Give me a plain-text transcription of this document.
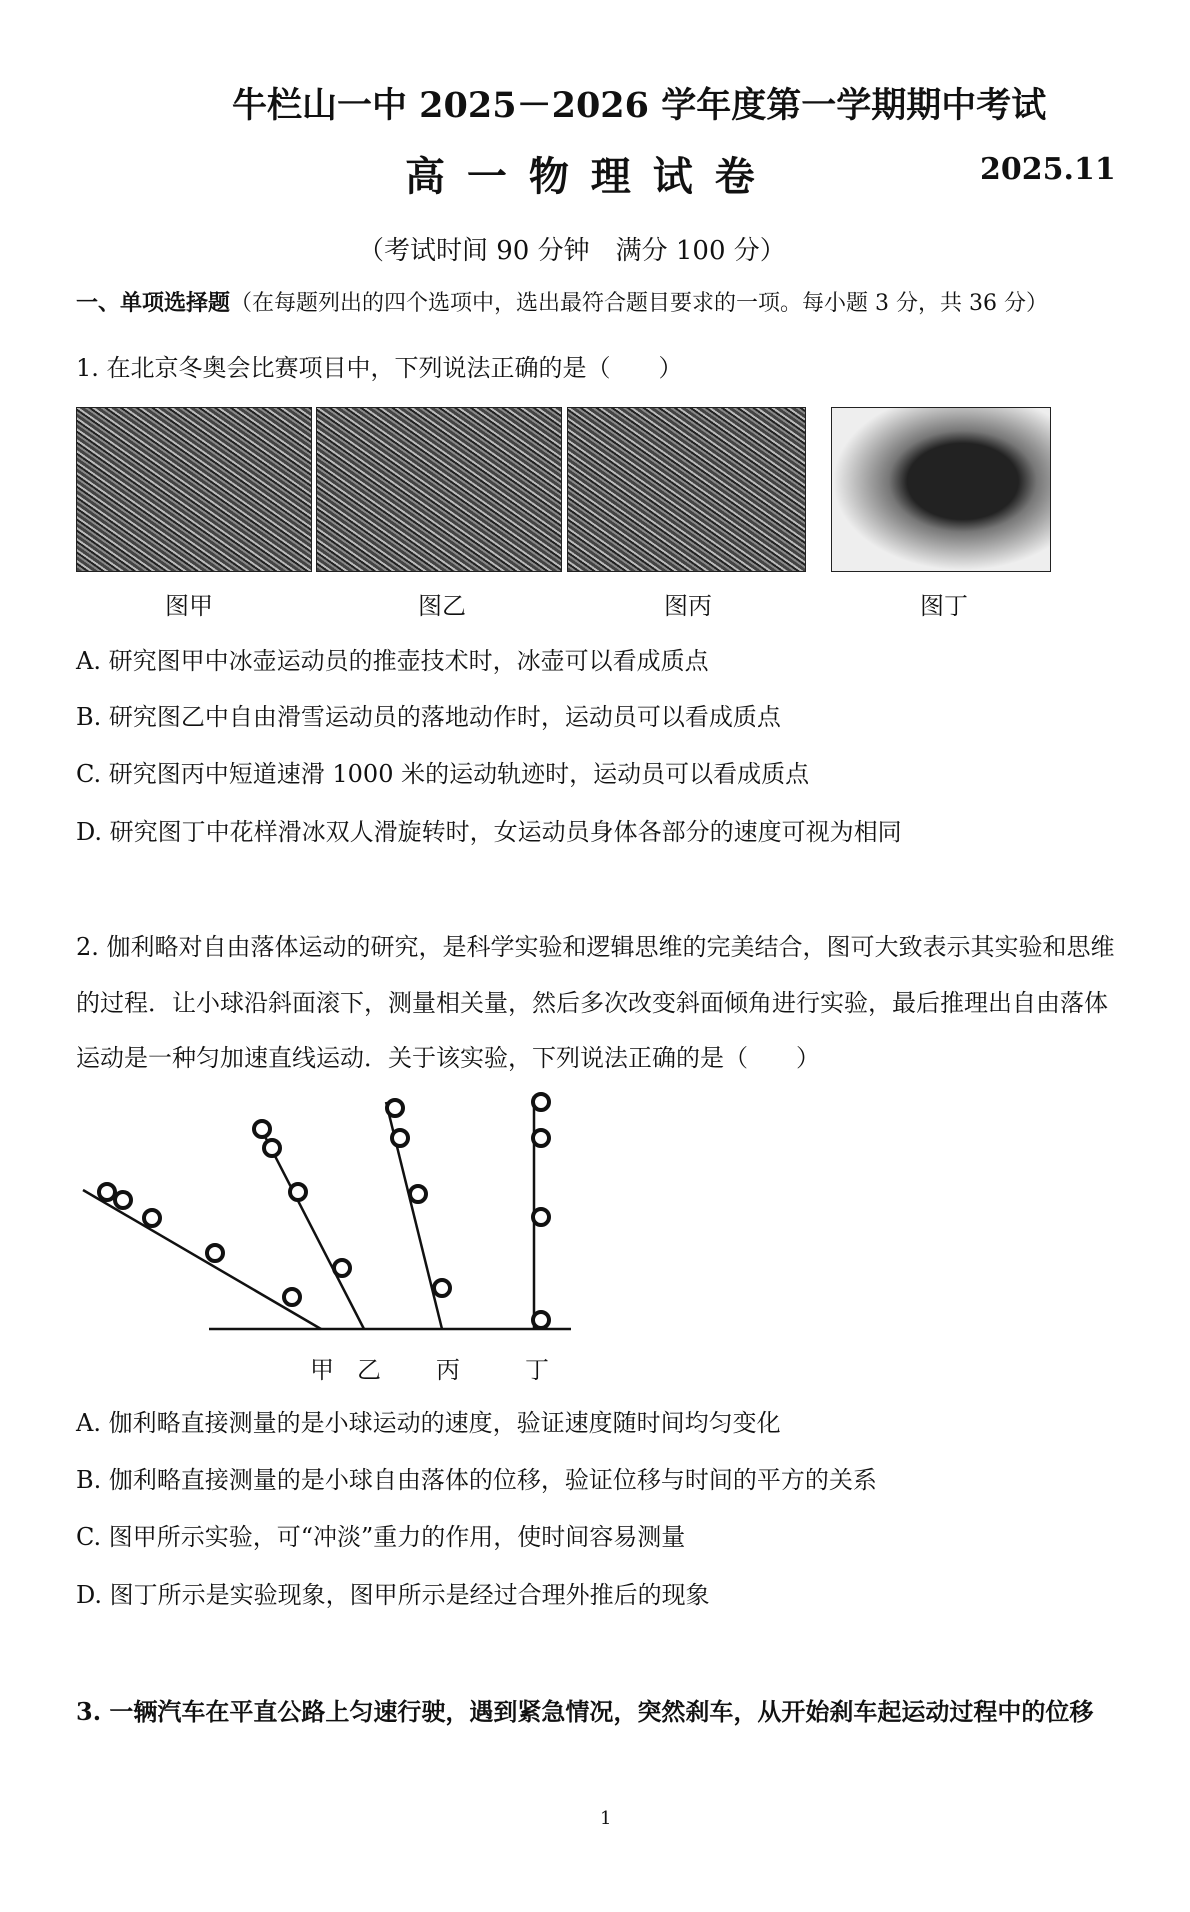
牛栏山一中 2025－2026 学年度第一学期期中考试
高 一 物 理 试 卷	2025.11
（考试时间 90 分钟　满分 100 分）
一、单项选择题（在每题列出的四个选项中，选出最符合题目要求的一项。每小题 3 分，共 36 分）
1. 在北京冬奥会比赛项目中，下列说法正确的是（　　）
图甲	图乙	图丙	图丁
A. 研究图甲中冰壶运动员的推壶技术时，冰壶可以看成质点
B. 研究图乙中自由滑雪运动员的落地动作时，运动员可以看成质点
C. 研究图丙中短道速滑 1000 米的运动轨迹时，运动员可以看成质点
D. 研究图丁中花样滑冰双人滑旋转时，女运动员身体各部分的速度可视为相同
2. 伽利略对自由落体运动的研究，是科学实验和逻辑思维的完美结合，图可大致表示其实验和思维
的过程．让小球沿斜面滚下，测量相关量，然后多次改变斜面倾角进行实验，最后推理出自由落体
运动是一种匀加速直线运动．关于该实验，下列说法正确的是（　　）
甲 乙 丙	丁
A. 伽利略直接测量的是小球运动的速度，验证速度随时间均匀变化
B. 伽利略直接测量的是小球自由落体的位移，验证位移与时间的平方的关系
C. 图甲所示实验，可“冲淡”重力的作用，使时间容易测量
D. 图丁所示是实验现象，图甲所示是经过合理外推后的现象
3. 一辆汽车在平直公路上匀速行驶，遇到紧急情况，突然刹车，从开始刹车起运动过程中的位移
1
